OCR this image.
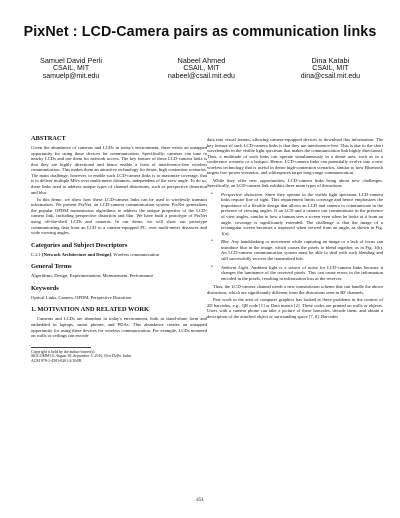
PixNet : LCD-Camera pairs as communication links
Samuel David Perli
CSAIL, MIT
samuelp@mit.edu
Nabeel Ahmed
CSAIL, MIT
nabeel@csail.mit.edu
Dina Katabi
CSAIL, MIT
dina@csail.mit.edu
ABSTRACT
Given the abundance of cameras and LCDs in today's environment, there exists an untapped opportunity for using these devices for communication. Specifically, cameras can tune to nearby LCDs and use them for network access. The key feature of these LCD-camera links is that they are highly directional and hence enable a form of interference-free wireless communication. This makes them an attractive technology for dense, high contention scenarios. The main challenge, however, to enable such LCD-camera links is to maximize coverage, that is to deliver multiple Mb/s over multi-meter distances, independent of the view angle. To do so, these links need to address unique types of channel distortions, such as perspective distortion and blur.
In this demo, we show how these LCD-camera links can be used to wirelessly transmit information. We present PixNet, an LCD-camera communication system. PixNet generalizes the popular OFDM transmission algorithms to address the unique properties of the LCD-camera link, including perspective distortion and blur. We have built a prototype of PixNet using off-the-shelf LCDs and cameras. In our demo, we will show our prototype communicating data from an LCD to a camera-equipped PC, over multi-meter distances and wide viewing angles.
Categories and Subject Descriptors
C.2.1 [Network Architecture and Design]: Wireless communication
General Terms
Algorithms, Design, Experimentation, Measurement, Performance
Keywords
Optical Links, Camera, OFDM, Perspective Distortion
1. MOTIVATION AND RELATED WORK
Cameras and LCDs are abundant in today's environment, both in stand-alone form and embedded in laptops, smart phones, and PDAs. This abundance creates an untapped opportunity for using these devices for wireless communication. For example, LCDs mounted on walls or ceilings can encode
Copyright is held by the author/owner(s).
SIGCOMM'10, August 30–September 3, 2010, New Delhi, India.
ACM 978-1-4503-0201-2/10/08.
data into visual frames, allowing camera-equipped devices to download this information. The key feature of such LCD-camera links is that they are interference-free. This is due to the short wavelengths in the visible light spectrum that makes the communication link highly directional. Thus, a multitude of such links can operate simultaneously in a dense area, such as in a conference scenario or a hotspot. Hence, LCD-camera links can potentially evolve into a new wireless technology that is useful in dense high-contention scenarios, similar to how Bluetooth targets low-power scenarios, and whitespaces target long-range communication.
While they offer new opportunities, LCD-camera links bring about new challenges. Specifically, an LCD-camera link exhibits three main types of distortions:
• Perspective distortion. Since they operate in the visible light spectrum, LCD-camera links require line of sight. This requirement limits coverage and hence emphasizes the importance of a flexible design that allows an LCD and camera to communicate in the presence of viewing angles. If an LCD and a camera can communicate in the presence of view angles, similar to how a human sees a screen even when he looks at it from an angle, coverage is significantly extended. The challenge is that the image of a rectangular screen becomes a trapezoid when viewed from an angle, as shown in Fig. 1(a).
• Blur. Any handshaking or movement while capturing an image or a lack of focus can introduce blur in the image, which causes the pixels to blend together, as in Fig. 1(b). An LCD-camera communication system must be able to deal with such blending and still successfully recover the transmitted bits.
• Ambient Light. Ambient light is a source of noise for LCD-camera links because it changes the luminance of the received pixels. This can cause errors in the information encoded in the pixels, resulting in information loss at the receiver.
Thus, the LCD-camera channel needs a new transmission scheme that can handle the above distortions, which are significantly different from the distortions seen in RF channels.
Past work in the area of computer graphics has looked at these problems in the context of 2D barcodes, e.g., QR code [1] or Data matrix [2]. These codes are printed on walls or objects. Users with a camera phone can take a picture of these barcodes, decode them, and obtain a description of the attached object or surrounding space [7, 8]. Barcodes
451
